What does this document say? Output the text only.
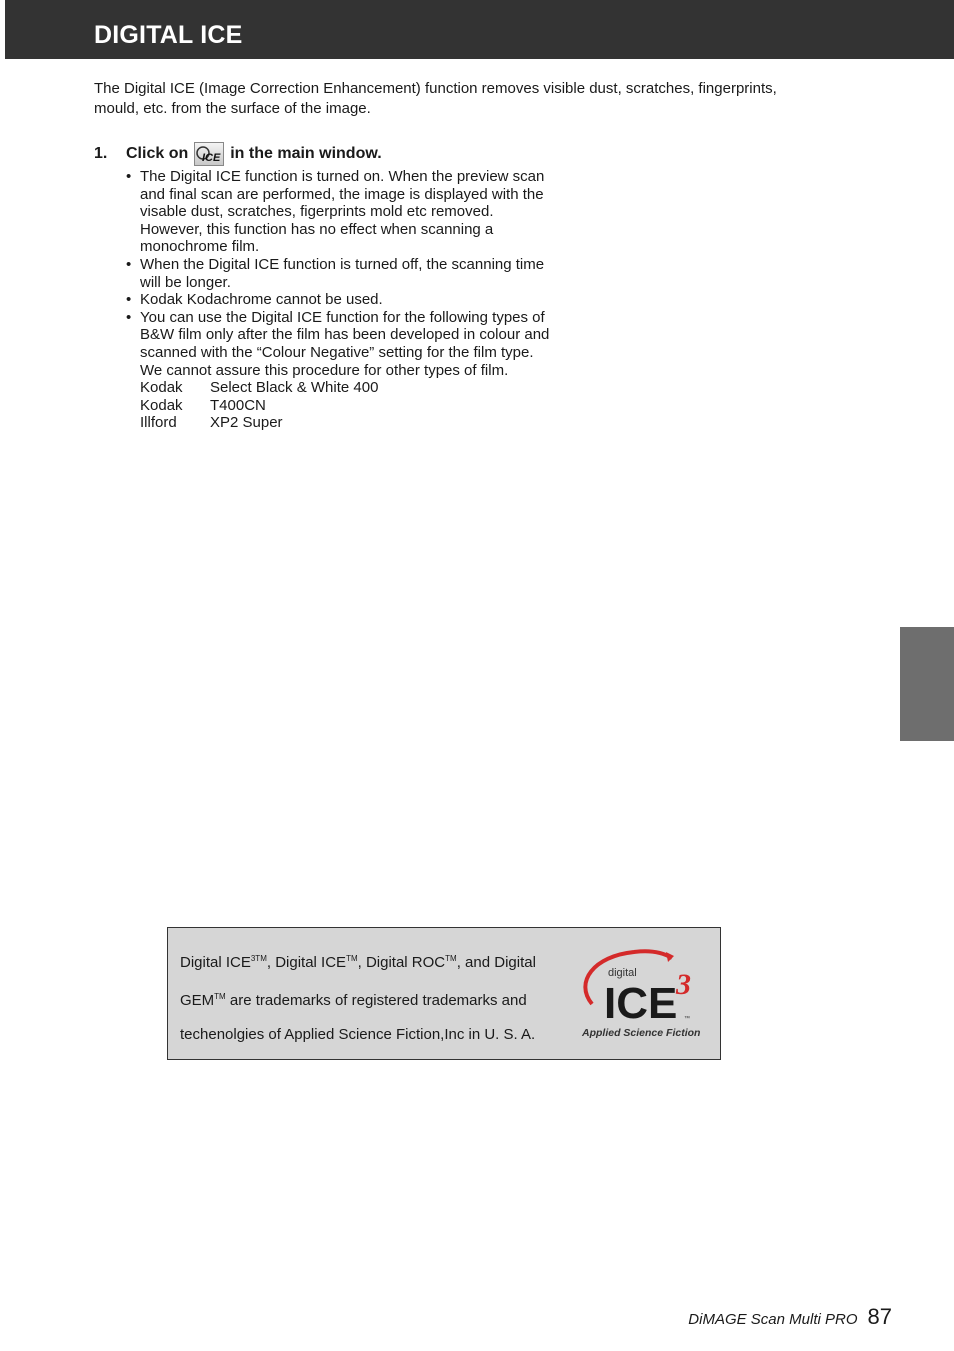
DIGITAL ICE
The Digital ICE (Image Correction Enhancement) function removes visible dust, scratches, fingerprints, mould, etc. from the surface of the image.
1.	Click on ICE in the main window.
• The Digital ICE function is turned on. When the preview scan and final scan are performed, the image is displayed with the visable dust, scratches, figerprints mold etc removed. However, this function has no effect when scanning a monochrome film.
• When the Digital ICE function is turned off, the scanning time will be longer.
• Kodak Kodachrome cannot be used.
• You can use the Digital ICE function for the following types of B&W film only after the film has been developed in colour and scanned with the “Colour Negative” setting for the film type. We cannot assure this procedure for other types of film.
Kodak	Select Black & White 400
Kodak	T400CN
Illford	XP2 Super
Digital $ICE^{3TM}$, Digital ICE™, Digital ROC™, and Digital GEM™ are trademarks of registered trademarks and techenolgies of Applied Science Fiction,Inc in U. S. A.
digital
ICE
3
™
Applied Science Fiction
DiMAGE Scan Multi PRO 87
